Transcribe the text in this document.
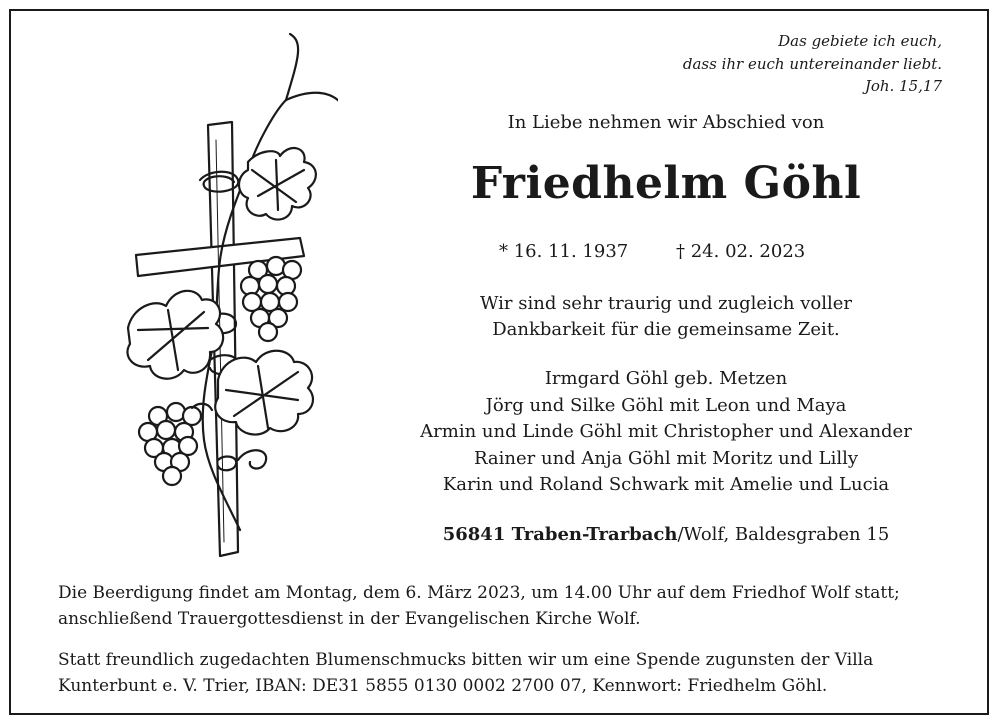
Das gebiete ich euch,
dass ihr euch untereinander liebt.
Joh. 15,17
In Liebe nehmen wir Abschied von
Friedhelm Göhl
* 16. 11. 1937	† 24. 02. 2023
Wir sind sehr traurig und zugleich voller
Dankbarkeit für die gemeinsame Zeit.
Irmgard Göhl geb. Metzen
Jörg und Silke Göhl mit Leon und Maya
Armin und Linde Göhl mit Christopher und Alexander
Rainer und Anja Göhl mit Moritz und Lilly
Karin und Roland Schwark mit Amelie und Lucia
56841 Traben-Trarbach/Wolf, Baldesgraben 15
Die Beerdigung findet am Montag, dem 6. März 2023, um 14.00 Uhr auf dem Friedhof Wolf statt;
anschließend Trauergottesdienst in der Evangelischen Kirche Wolf.
Statt freundlich zugedachten Blumenschmucks bitten wir um eine Spende zugunsten der Villa
Kunterbunt e. V. Trier, IBAN: DE31 5855 0130 0002 2700 07, Kennwort: Friedhelm Göhl.
